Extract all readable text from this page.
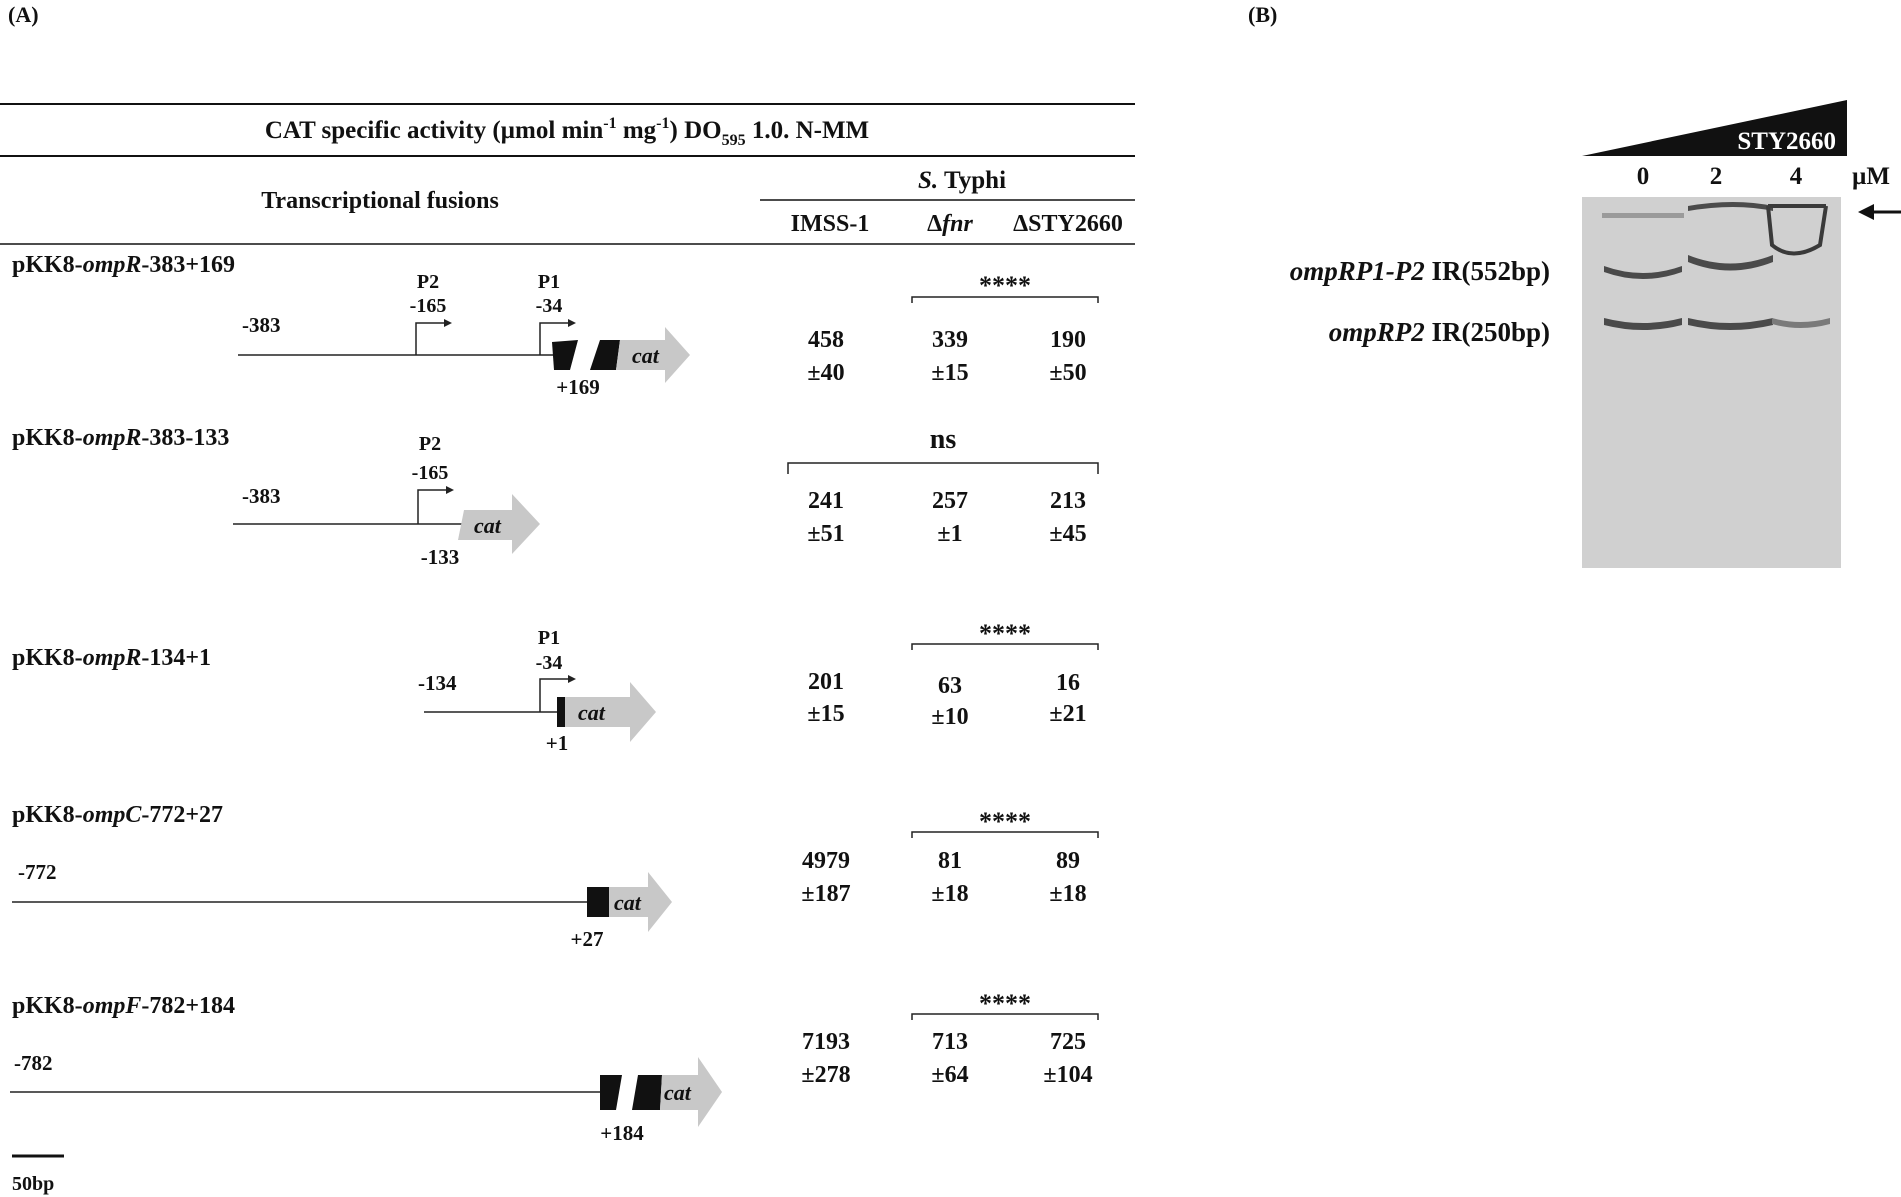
(A)	(B)
CAT specific activity (µmol $\min^{-1} mg^{-1}$) $DO_{595}$ 1.0. N-MM
Transcriptional fusions
S. Typhi
IMSS-1 Δfnr ΔSTY2660
pKK8-ompR-383+169
-383
P2
-165
P1
-34
cat
+169
****
458	339	190
±40	±15	±50
pKK8-ompR-383-133
-383
P2
-165
cat
-133
ns
241	257	213
±51	±1	±45
pKK8-ompR-134+1
-134
P1
-34
cat
+1
****
201	63	16
±15	±10	±21
pKK8-ompC-772+27
-772
cat
+27
****
4979	81	89
±187	±18	±18
pKK8-ompF-782+184
-782
cat
+184
****
7193	713	725
±278	±64	±104
50bp
STY2660
0 2	4 µM
ompRP1-P2 IR(552bp)
ompRP2 IR(250bp)
